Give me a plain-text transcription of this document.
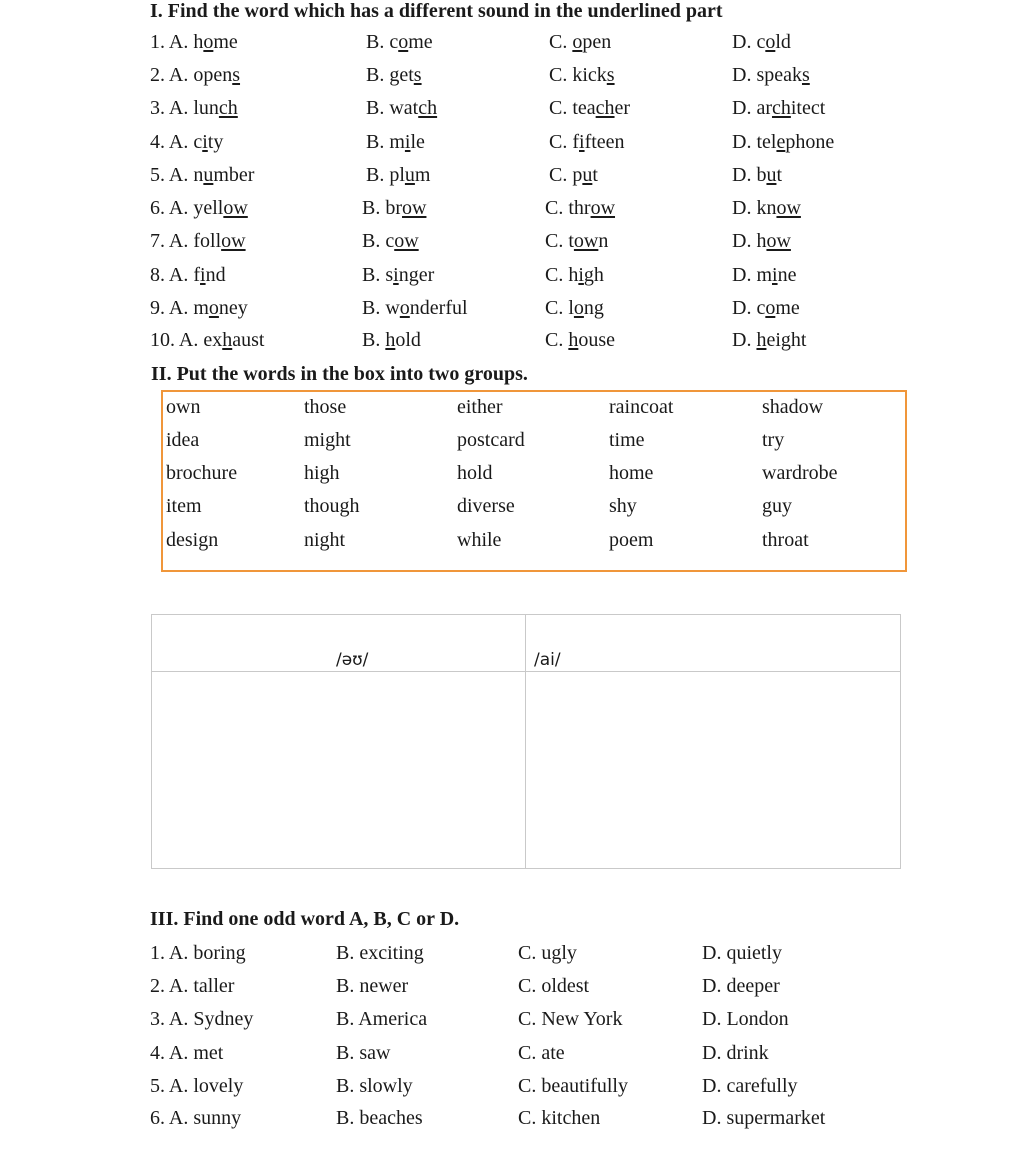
I. Find the word which has a different sound in the underlined part
1. A. home	B. come	C. open	D. cold
2. A. opens	B. gets	C. kicks	D. speaks
3. A. lunch	B. watch	C. teacher	D. architect
4. A. city	B. mile	C. fifteen	D. telephone
5. A. number	B. plum	C. put	D. but
6. A. yellow	B. brow	C. throw	D. know
7. A. follow	B. cow	C. town	D. how
8. A. find	B. singer	C. high	D. mine
9. A. money	B. wonderful	C. long	D. come
10. A. exhaust	B. hold	C. house	D. height
II. Put the words in the box into two groups.
own	those	either	raincoat	shadow
idea	might	postcard	time	try
brochure	high	hold	home	wardrobe
item	though	diverse	shy	guy
design	night	while	poem	throat
/əʊ/	/ai/
III. Find one odd word A, B, C or D.
1. A. boring	B. exciting	C. ugly	D. quietly
2. A. taller	B. newer	C. oldest	D. deeper
3. A. Sydney	B. America	C. New York	D. London
4. A. met	B. saw	C. ate	D. drink
5. A. lovely	B. slowly	C. beautifully	D. carefully
6. A. sunny	B. beaches	C. kitchen	D. supermarket
